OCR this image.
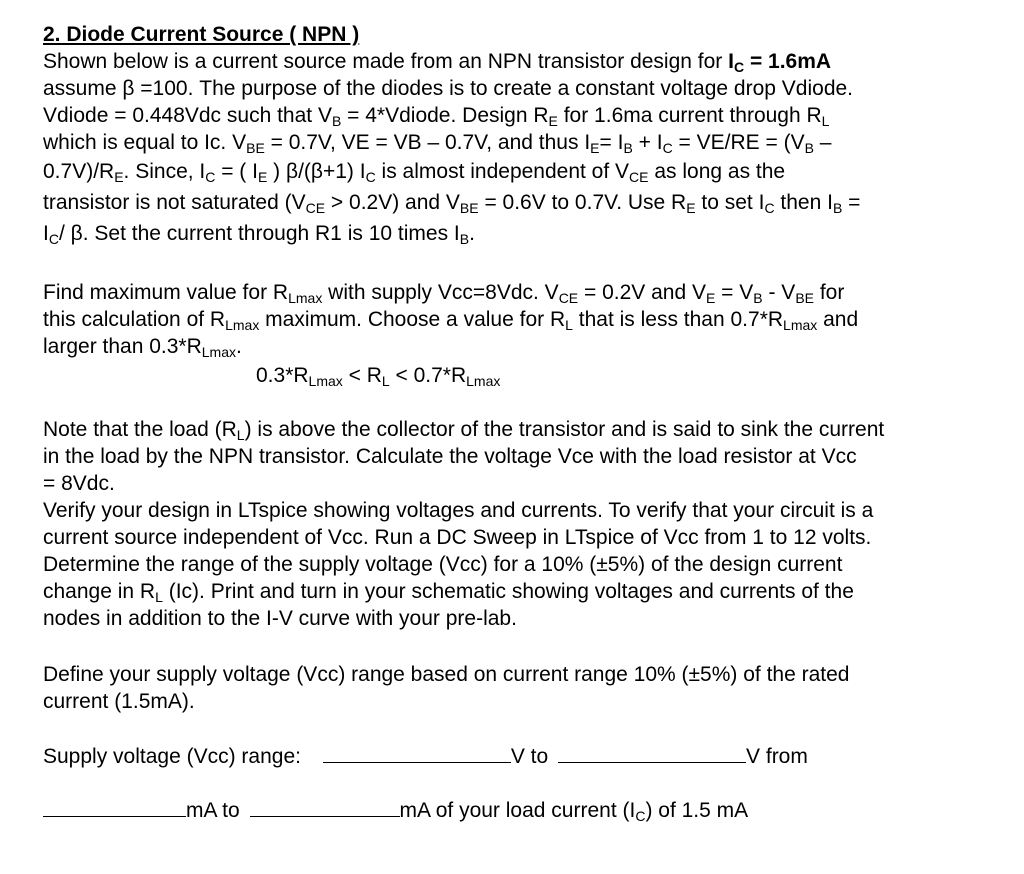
2. Diode Current Source ( NPN )
Shown below is a current source made from an NPN transistor design for $I_C = 1.6mA$
assume β =100. The purpose of the diodes is to create a constant voltage drop Vdiode.
Vdiode = 0.448Vdc such that $V_B$ = 4*Vdiode. Design $R_E$ for 1.6ma current through $R_L$
which is equal to Ic. $V_{BE} = 0.7V$, VE = VB – 0.7V, and thus $I_E= I_B + I_C = VE/RE = (V_B$ –
$0.7V)/R_E$. Since, $I_C$ = ( $I_E$ ) β/(β+1) $I_C$ is almost independent of $V_{CE}$ as long as the
transistor is not saturated $(V_{CE} > 0.2V)$ and $V_{BE} = 0.6V$ to 0.7V. Use $R_E$ to set $I_C$ then $I_B$ =
$I_C/$ β. Set the current through R1 is 10 times $I_B$.
Find maximum value for $R_{Lmax}$ with supply Vcc=8Vdc. $V_{CE} = 0.2V$ and $V_E = V_B - V_{BE}$ for
this calculation of $R_{Lmax}$ maximum. Choose a value for $R_L$ that is less than $0.7*R_{Lmax}$ and
larger than $0.3*R_{Lmax}$.
$0.3*R_{Lmax} < R_L < 0.7*R_{Lmax}$
Note that the load $(R_L)$ is above the collector of the transistor and is said to sink the current
in the load by the NPN transistor. Calculate the voltage Vce with the load resistor at Vcc
= 8Vdc.
Verify your design in LTspice showing voltages and currents. To verify that your circuit is a
current source independent of Vcc. Run a DC Sweep in LTspice of Vcc from 1 to 12 volts.
Determine the range of the supply voltage (Vcc) for a 10% (±5%) of the design current
change in $R_L$ (Ic). Print and turn in your schematic showing voltages and currents of the
nodes in addition to the I-V curve with your pre-lab.
Define your supply voltage (Vcc) range based on current range 10% (±5%) of the rated
current (1.5mA).
Supply voltage (Vcc) range:	V to	V from
mA to	mA of your load current $(I_C)$ of 1.5 mA
